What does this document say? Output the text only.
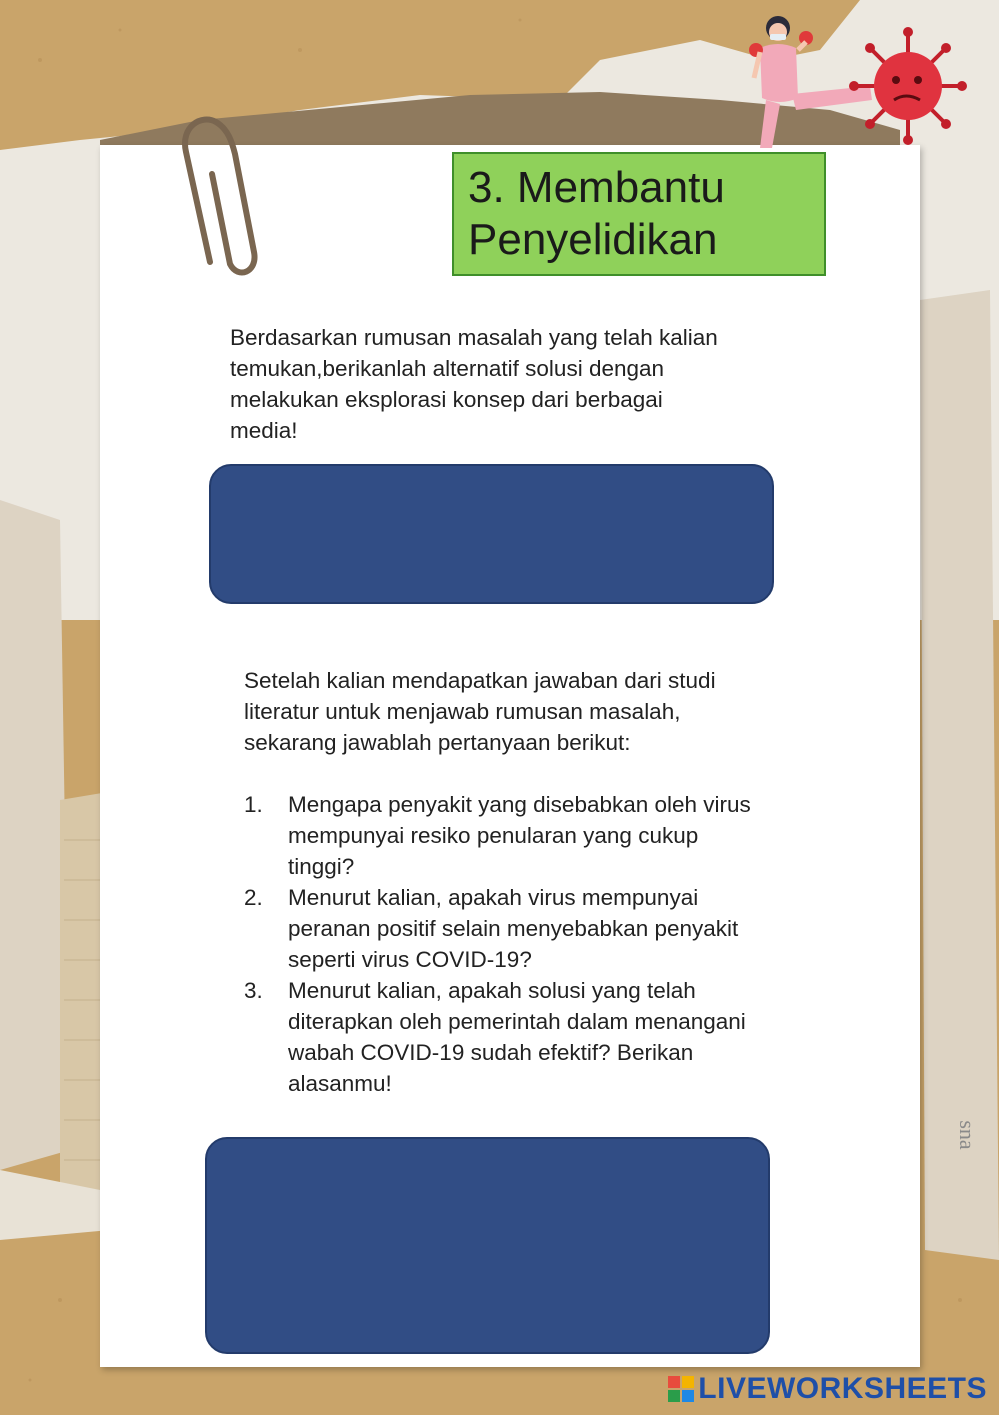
3. Membantu
Penyelidikan
Berdasarkan rumusan masalah yang telah kalian temukan,berikanlah alternatif solusi dengan melakukan eksplorasi konsep dari berbagai media!
Setelah kalian mendapatkan jawaban dari studi literatur untuk menjawab rumusan masalah, sekarang jawablah pertanyaan berikut:
1. Mengapa penyakit yang disebabkan oleh virus mempunyai resiko penularan yang cukup tinggi?
2. Menurut kalian, apakah virus mempunyai peranan positif selain menyebabkan penyakit seperti virus COVID-19?
3. Menurut kalian, apakah solusi yang telah diterapkan oleh pemerintah dalam menangani wabah COVID-19 sudah efektif? Berikan alasanmu!
sna
LIVEWORKSHEETS
